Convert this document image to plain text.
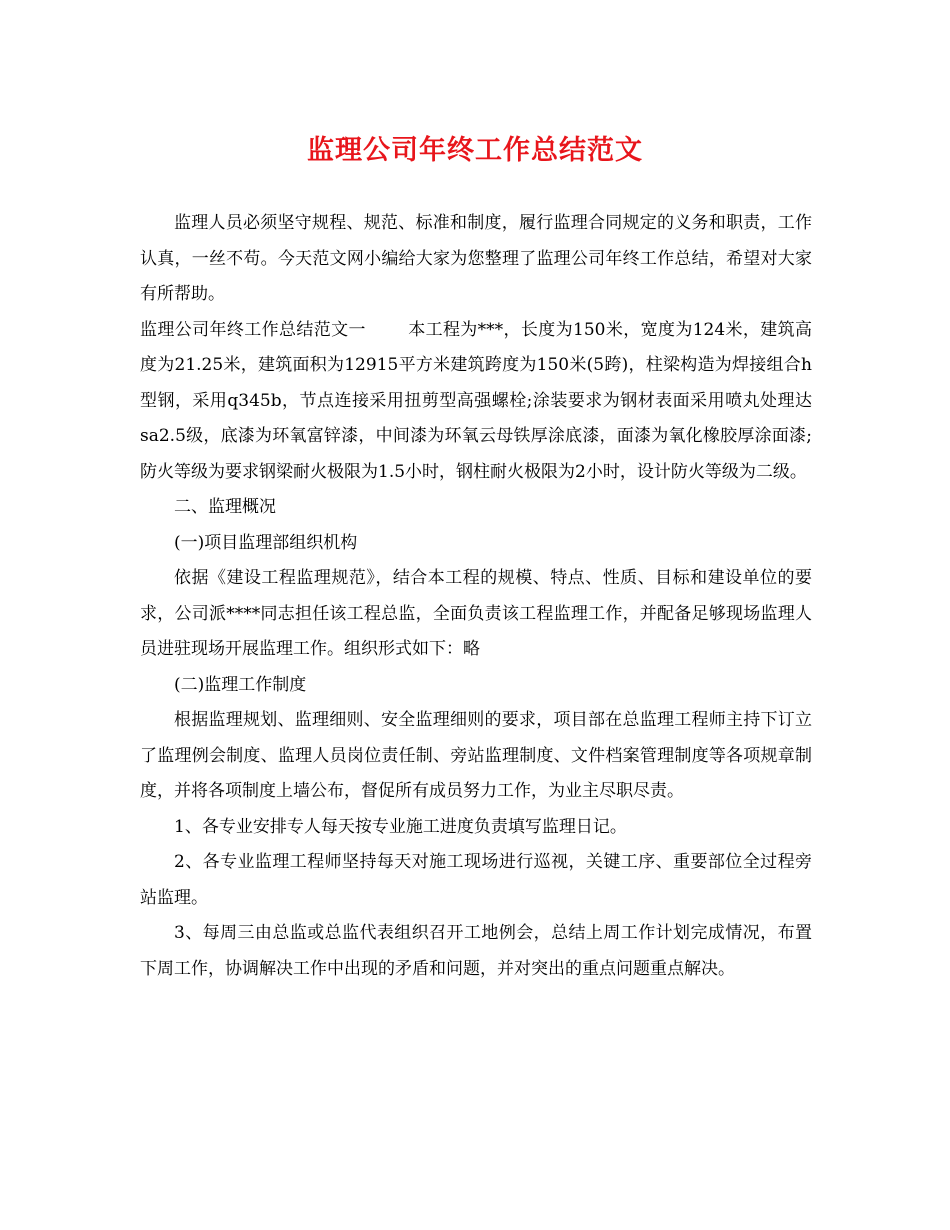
监理公司年终工作总结范文

监理人员必须坚守规程、规范、标准和制度，履行监理合同规定的义务和职责，工作认真，一丝不苟。今天范文网小编给大家为您整理了监理公司年终工作总结，希望对大家有所帮助。

监理公司年终工作总结范文一 本工程为***，长度为150米，宽度为124米，建筑高度为21.25米，建筑面积为12915平方米建筑跨度为150米(5跨)，柱梁构造为焊接组合h型钢，采用q345b，节点连接采用扭剪型高强螺栓;涂装要求为钢材表面采用喷丸处理达sa2.5级，底漆为环氧富锌漆，中间漆为环氧云母铁厚涂底漆，面漆为氧化橡胶厚涂面漆;防火等级为要求钢梁耐火极限为1.5小时，钢柱耐火极限为2小时，设计防火等级为二级。

二、监理概况

(一)项目监理部组织机构

依据《建设工程监理规范》，结合本工程的规模、特点、性质、目标和建设单位的要求，公司派****同志担任该工程总监，全面负责该工程监理工作，并配备足够现场监理人员进驻现场开展监理工作。组织形式如下：略

(二)监理工作制度

根据监理规划、监理细则、安全监理细则的要求，项目部在总监理工程师主持下订立了监理例会制度、监理人员岗位责任制、旁站监理制度、文件档案管理制度等各项规章制度，并将各项制度上墙公布，督促所有成员努力工作，为业主尽职尽责。

1、各专业安排专人每天按专业施工进度负责填写监理日记。

2、各专业监理工程师坚持每天对施工现场进行巡视，关键工序、重要部位全过程旁站监理。

3、每周三由总监或总监代表组织召开工地例会，总结上周工作计划完成情况，布置下周工作，协调解决工作中出现的矛盾和问题，并对突出的重点问题重点解决。
